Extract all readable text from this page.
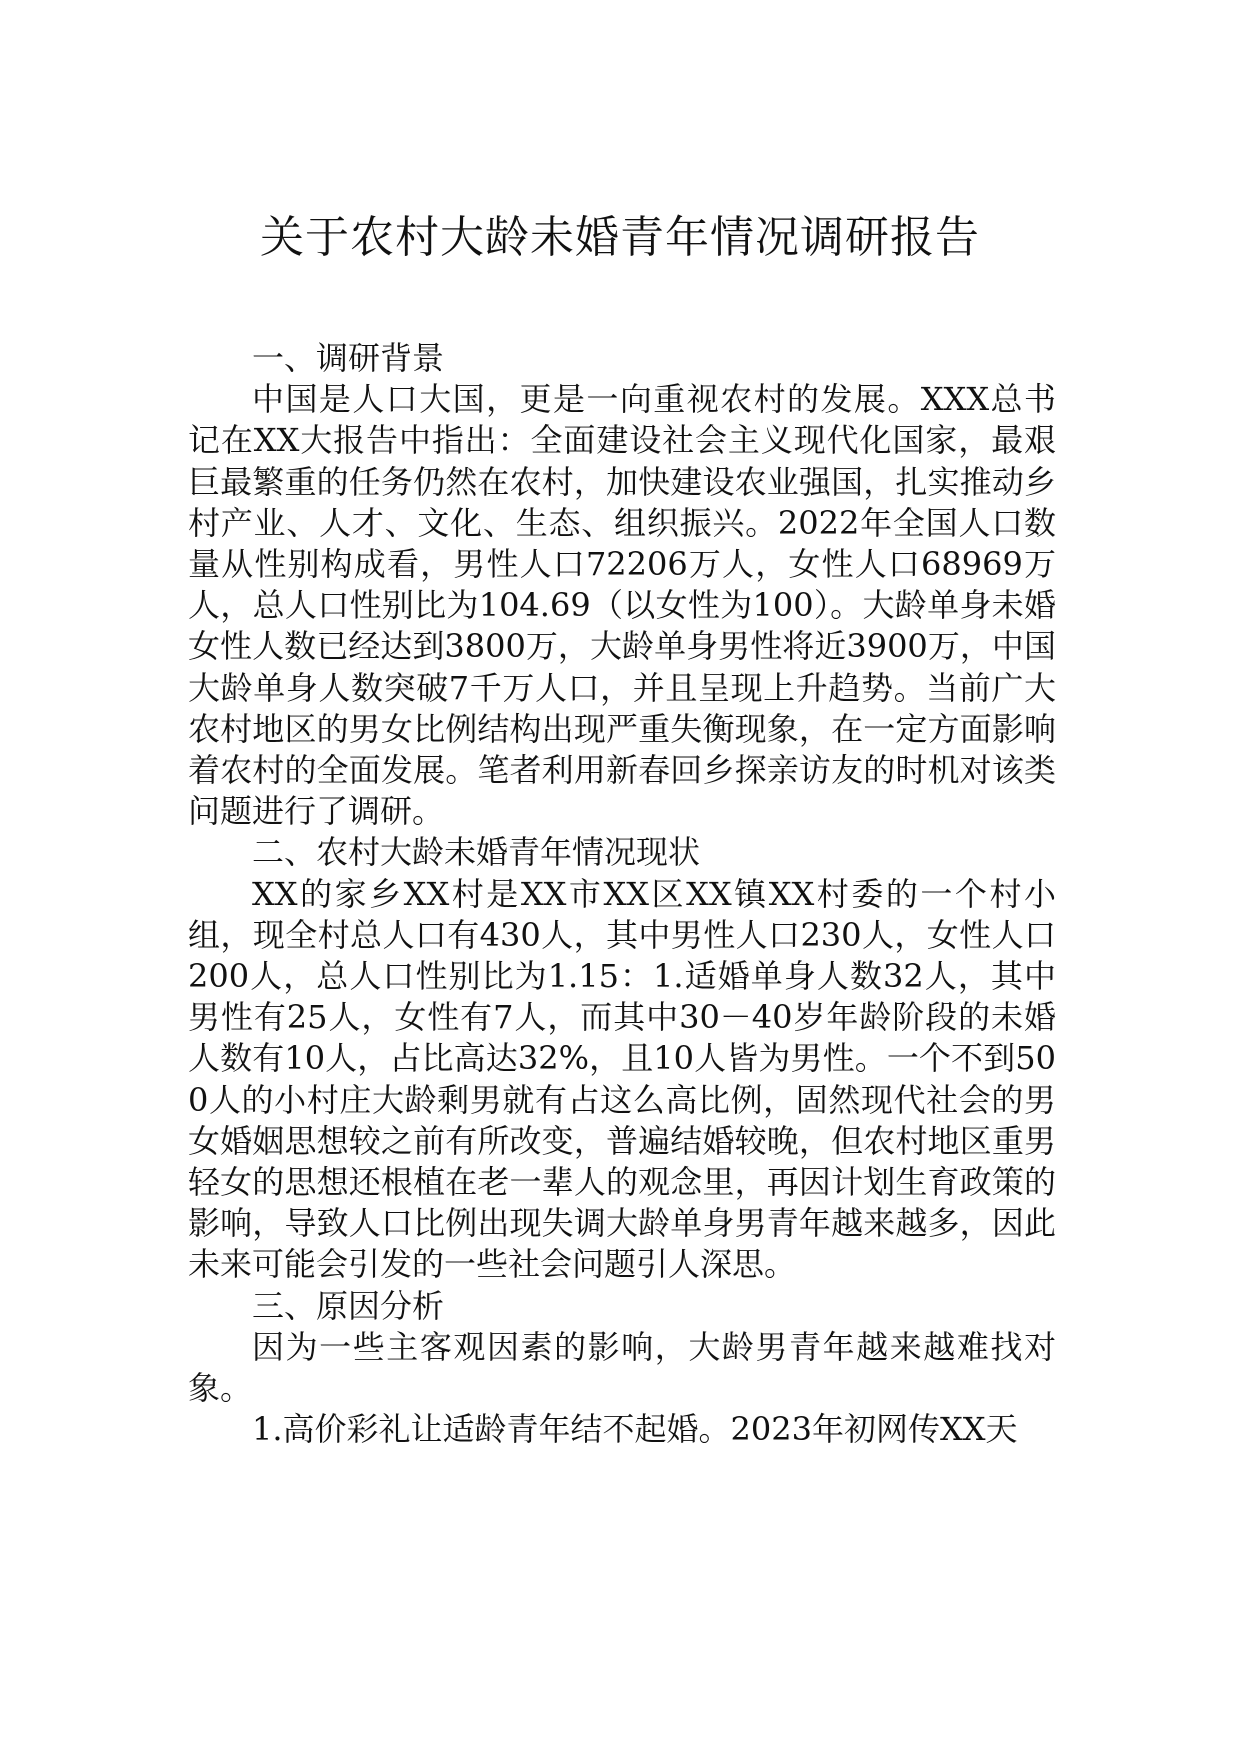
关于农村大龄未婚青年情况调研报告
一、调研背景

中国是人口大国，更是一向重视农村的发展。XXX总书记在XX大报告中指出：全面建设社会主义现代化国家，最艰巨最繁重的任务仍然在农村，加快建设农业强国，扎实推动乡村产业、人才、文化、生态、组织振兴。2022年全国人口数量从性别构成看，男性人口72206万人，女性人口68969万人，总人口性别比为104.69（以女性为100）。大龄单身未婚女性人数已经达到3800万，大龄单身男性将近3900万，中国大龄单身人数突破7千万人口，并且呈现上升趋势。当前广大农村地区的男女比例结构出现严重失衡现象，在一定方面影响着农村的全面发展。笔者利用新春回乡探亲访友的时机对该类问题进行了调研。

二、农村大龄未婚青年情况现状

XX的家乡XX村是XX市XX区XX镇XX村委的一个村小组，现全村总人口有430人，其中男性人口230人，女性人口200人，总人口性别比为1.15：1.适婚单身人数32人，其中男性有25人，女性有7人，而其中30－40岁年龄阶段的未婚人数有10人，占比高达32%，且10人皆为男性。一个不到500人的小村庄大龄剩男就有占这么高比例，固然现代社会的男女婚姻思想较之前有所改变，普遍结婚较晚，但农村地区重男轻女的思想还根植在老一辈人的观念里，再因计划生育政策的影响，导致人口比例出现失调大龄单身男青年越来越多，因此未来可能会引发的一些社会问题引人深思。

三、原因分析

因为一些主客观因素的影响，大龄男青年越来越难找对象。

1.高价彩礼让适龄青年结不起婚。2023年初网传XX天
